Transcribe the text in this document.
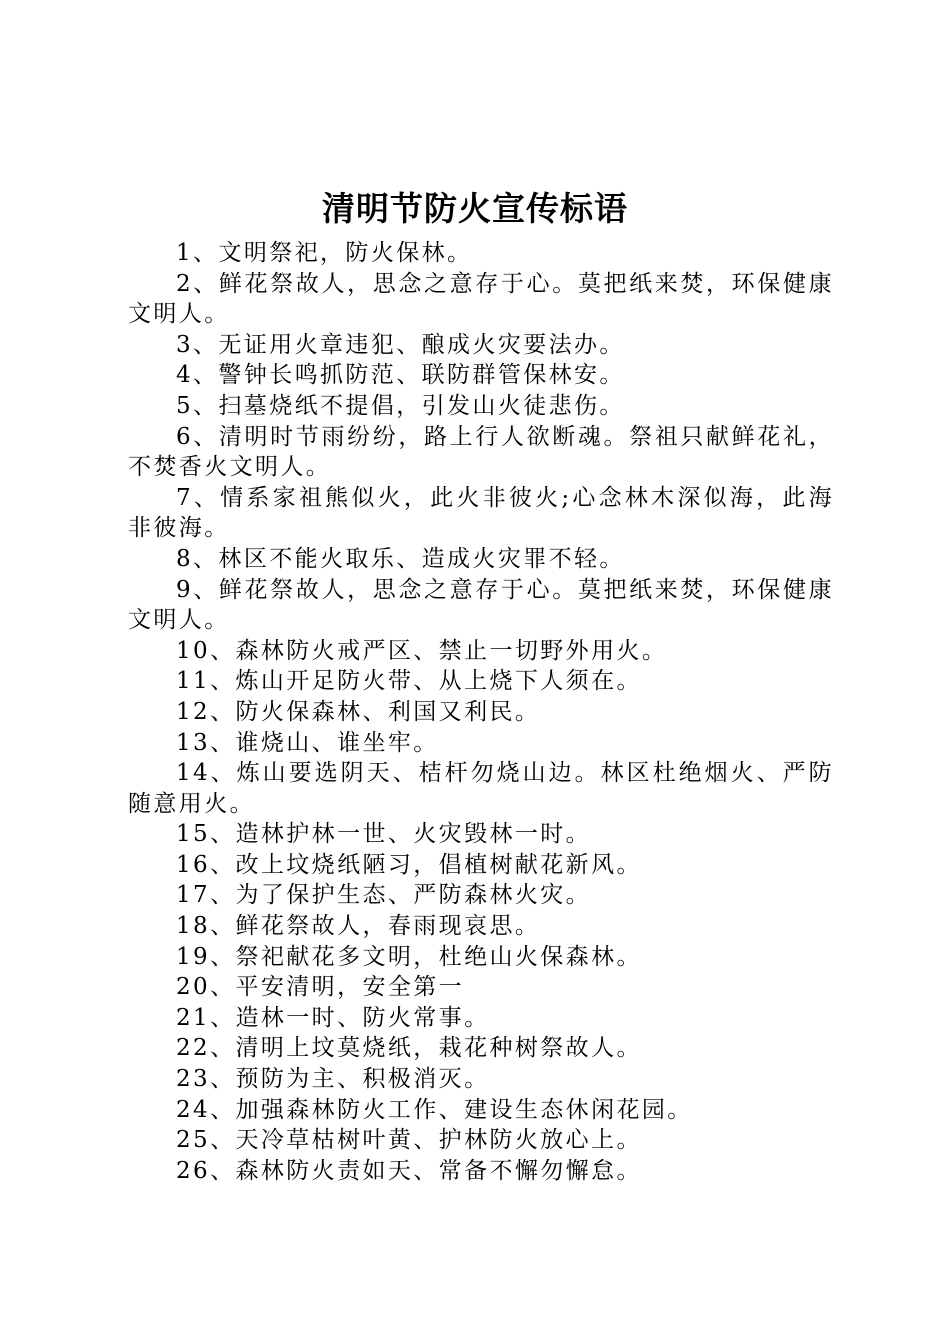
清明节防火宣传标语

1、文明祭祀，防火保林。

2、鲜花祭故人，思念之意存于心。莫把纸来焚，环保健康文明人。

3、无证用火章违犯、酿成火灾要法办。

4、警钟长鸣抓防范、联防群管保林安。

5、扫墓烧纸不提倡，引发山火徒悲伤。

6、清明时节雨纷纷，路上行人欲断魂。祭祖只献鲜花礼，不焚香火文明人。

7、情系家祖熊似火，此火非彼火;心念林木深似海，此海非彼海。

8、林区不能火取乐、造成火灾罪不轻。

9、鲜花祭故人，思念之意存于心。莫把纸来焚，环保健康文明人。

10、森林防火戒严区、禁止一切野外用火。

11、炼山开足防火带、从上烧下人须在。

12、防火保森林、利国又利民。

13、谁烧山、谁坐牢。

14、炼山要选阴天、桔杆勿烧山边。林区杜绝烟火、严防随意用火。

15、造林护林一世、火灾毁林一时。

16、改上坟烧纸陋习，倡植树献花新风。

17、为了保护生态、严防森林火灾。

18、鲜花祭故人，春雨现哀思。

19、祭祀献花多文明，杜绝山火保森林。

20、平安清明，安全第一

21、造林一时、防火常事。

22、清明上坟莫烧纸，栽花种树祭故人。

23、预防为主、积极消灭。

24、加强森林防火工作、建设生态休闲花园。

25、天冷草枯树叶黄、护林防火放心上。

26、森林防火责如天、常备不懈勿懈怠。
